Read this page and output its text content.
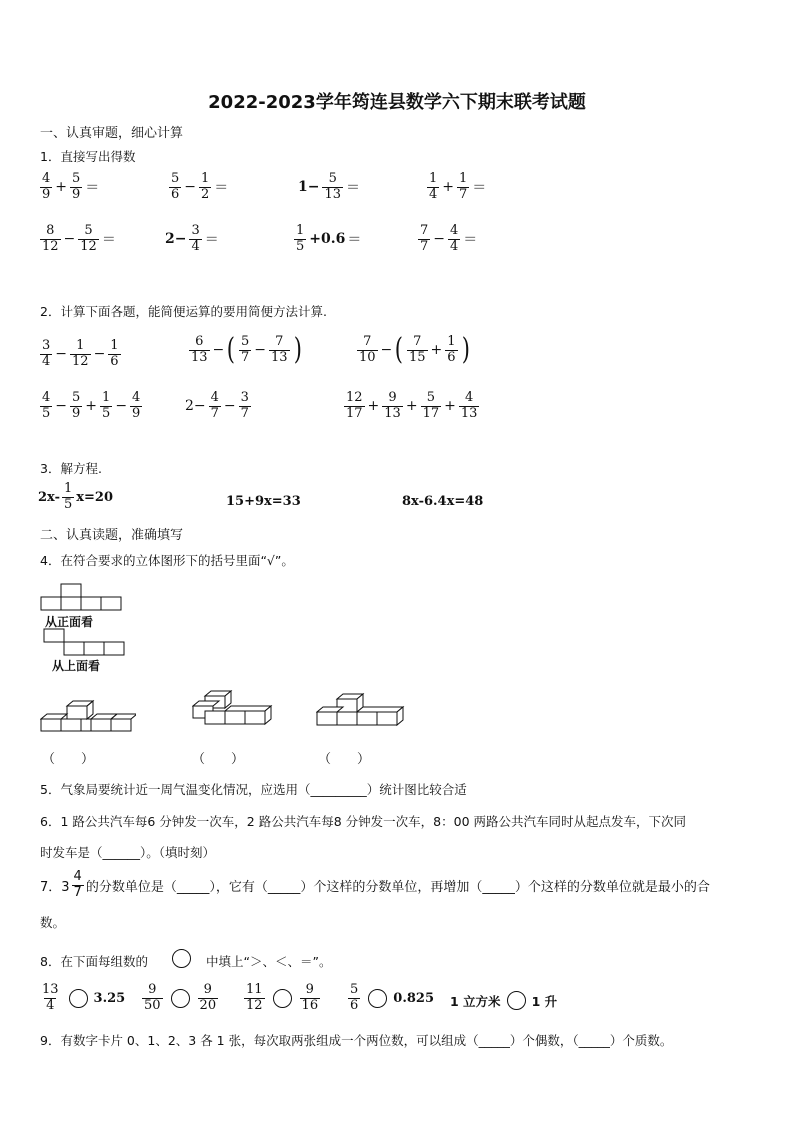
2022-2023学年筠连县数学六下期末联考试题
一、认真审题，细心计算
1．直接写出得数
$\frac{4}{9} + \frac{5}{9}$ ＝	$\frac{5}{6} - \frac{1}{2}$ ＝	$1- \frac{5}{13}$ ＝	$\frac{1}{4} + \frac{1}{7}$ ＝
$\frac{8}{12} - \frac{5}{12}$ ＝	$2- \frac{3}{4}$ ＝	$\frac{1}{5} +0.6$ ＝	$\frac{7}{7} - \frac{4}{4}$ ＝
2．计算下面各题，能简便运算的要用简便方法计算.
$\frac{3}{4} - \frac{1}{12} - \frac{1}{6}$	$\frac{6}{13}$ − ( $\frac{5}{7} - \frac{7}{13}$ )	$\frac{7}{10}$ − ( $\frac{7}{15} + \frac{1}{6}$ )
$\frac{4}{5} - \frac{5}{9} + \frac{1}{5} - \frac{4}{9}$	$2- \frac{4}{7} - \frac{3}{7}$	$\frac{12}{17} + \frac{9}{13} + \frac{5}{17} + \frac{4}{13}$
3．解方程.
$2x- \frac{1}{5} x=20$	15+9x=33	8x-6.4x=48
二、认真读题，准确填写
4．在符合要求的立体图形下的括号里面“√”。
从正面看
从上面看
（　　）	（　　）	（　　）
5．气象局要统计近一周气温变化情况，应选用（_________）统计图比较合适
6．1 路公共汽车每6 分钟发一次车，2 路公共汽车每8 分钟发一次车，8：00 两路公共汽车同时从起点发车，下次同
时发车是（______）。（填时刻）
7．$3 \frac{4}{7}$ 的分数单位是（_____），它有（_____）个这样的分数单位，再增加（_____）个这样的分数单位就是最小的合
数。
8．在下面每组数的	中填上“＞、＜、＝”。
$\frac{13}{4}$	$3.25 \frac{9}{50}$	$\frac{9}{20} \frac{11}{12}$	$\frac{9}{16} \frac{5}{6}$	0.825 1 立方米 1 升
9．有数字卡片 0、1、2、3 各 1 张，每次取两张组成一个两位数，可以组成（_____）个偶数，（_____）个质数。
